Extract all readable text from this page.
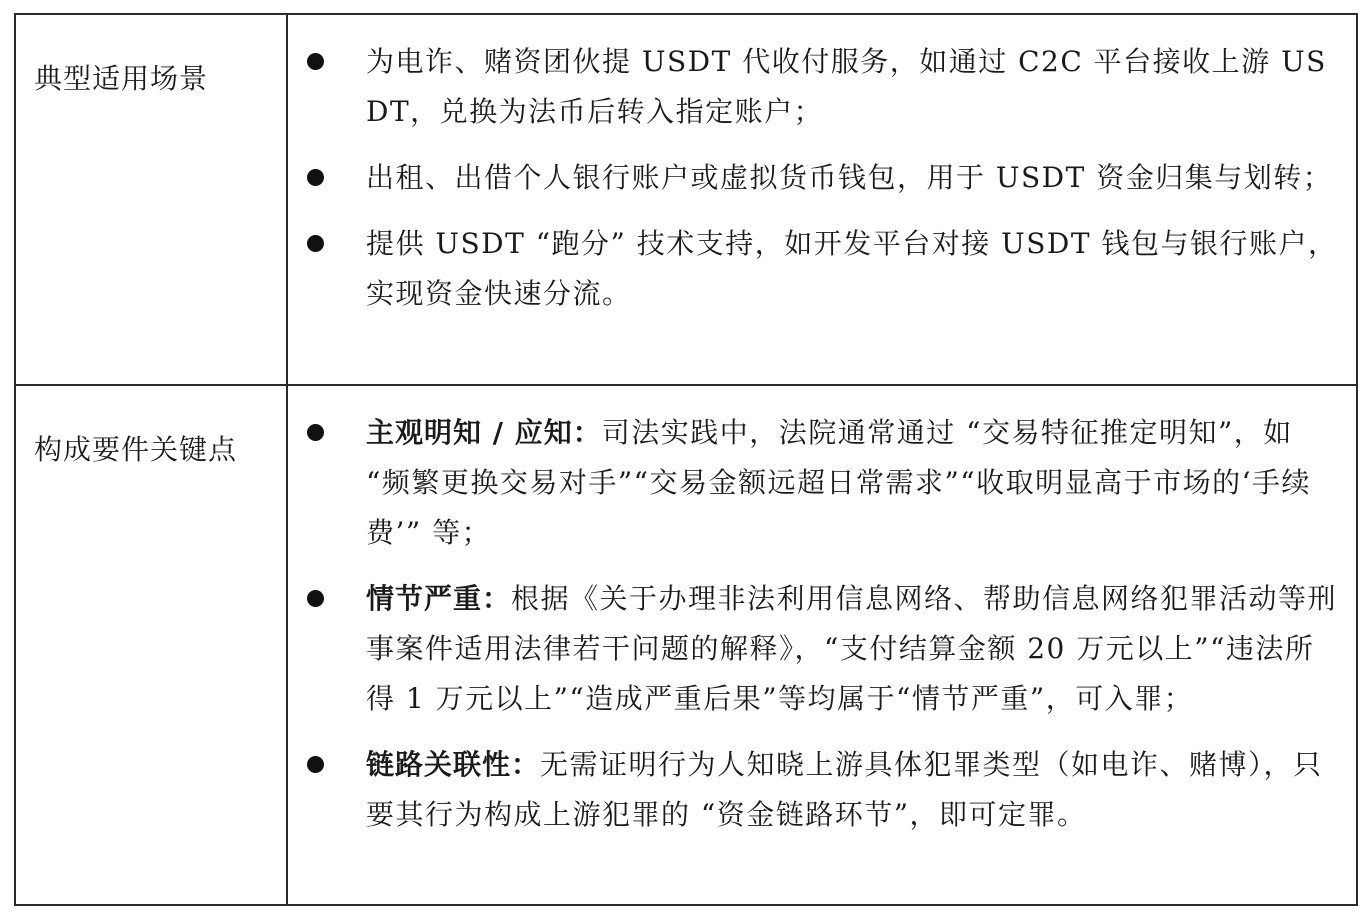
典型适用场景	为电诈、赌资团伙提 USDT 代收付服务，如通过 C2C 平台接收上游 USDT，兑换为法币后转入指定账户；
出租、出借个人银行账户或虚拟货币钱包，用于 USDT 资金归集与划转；
提供 USDT “跑分” 技术支持，如开发平台对接 USDT 钱包与银行账户，实现资金快速分流。

构成要件关键点	主观明知 / 应知：司法实践中，法院通常通过 “交易特征推定明知”，如 “频繁更换交易对手”“交易金额远超日常需求”“收取明显高于市场的‘手续费’” 等；
情节严重：根据《关于办理非法利用信息网络、帮助信息网络犯罪活动等刑事案件适用法律若干问题的解释》，“支付结算金额 20 万元以上”“违法所得 1 万元以上”“造成严重后果”等均属于“情节严重”，可入罪；
链路关联性：无需证明行为人知晓上游具体犯罪类型（如电诈、赌博），只要其行为构成上游犯罪的 “资金链路环节”，即可定罪。
